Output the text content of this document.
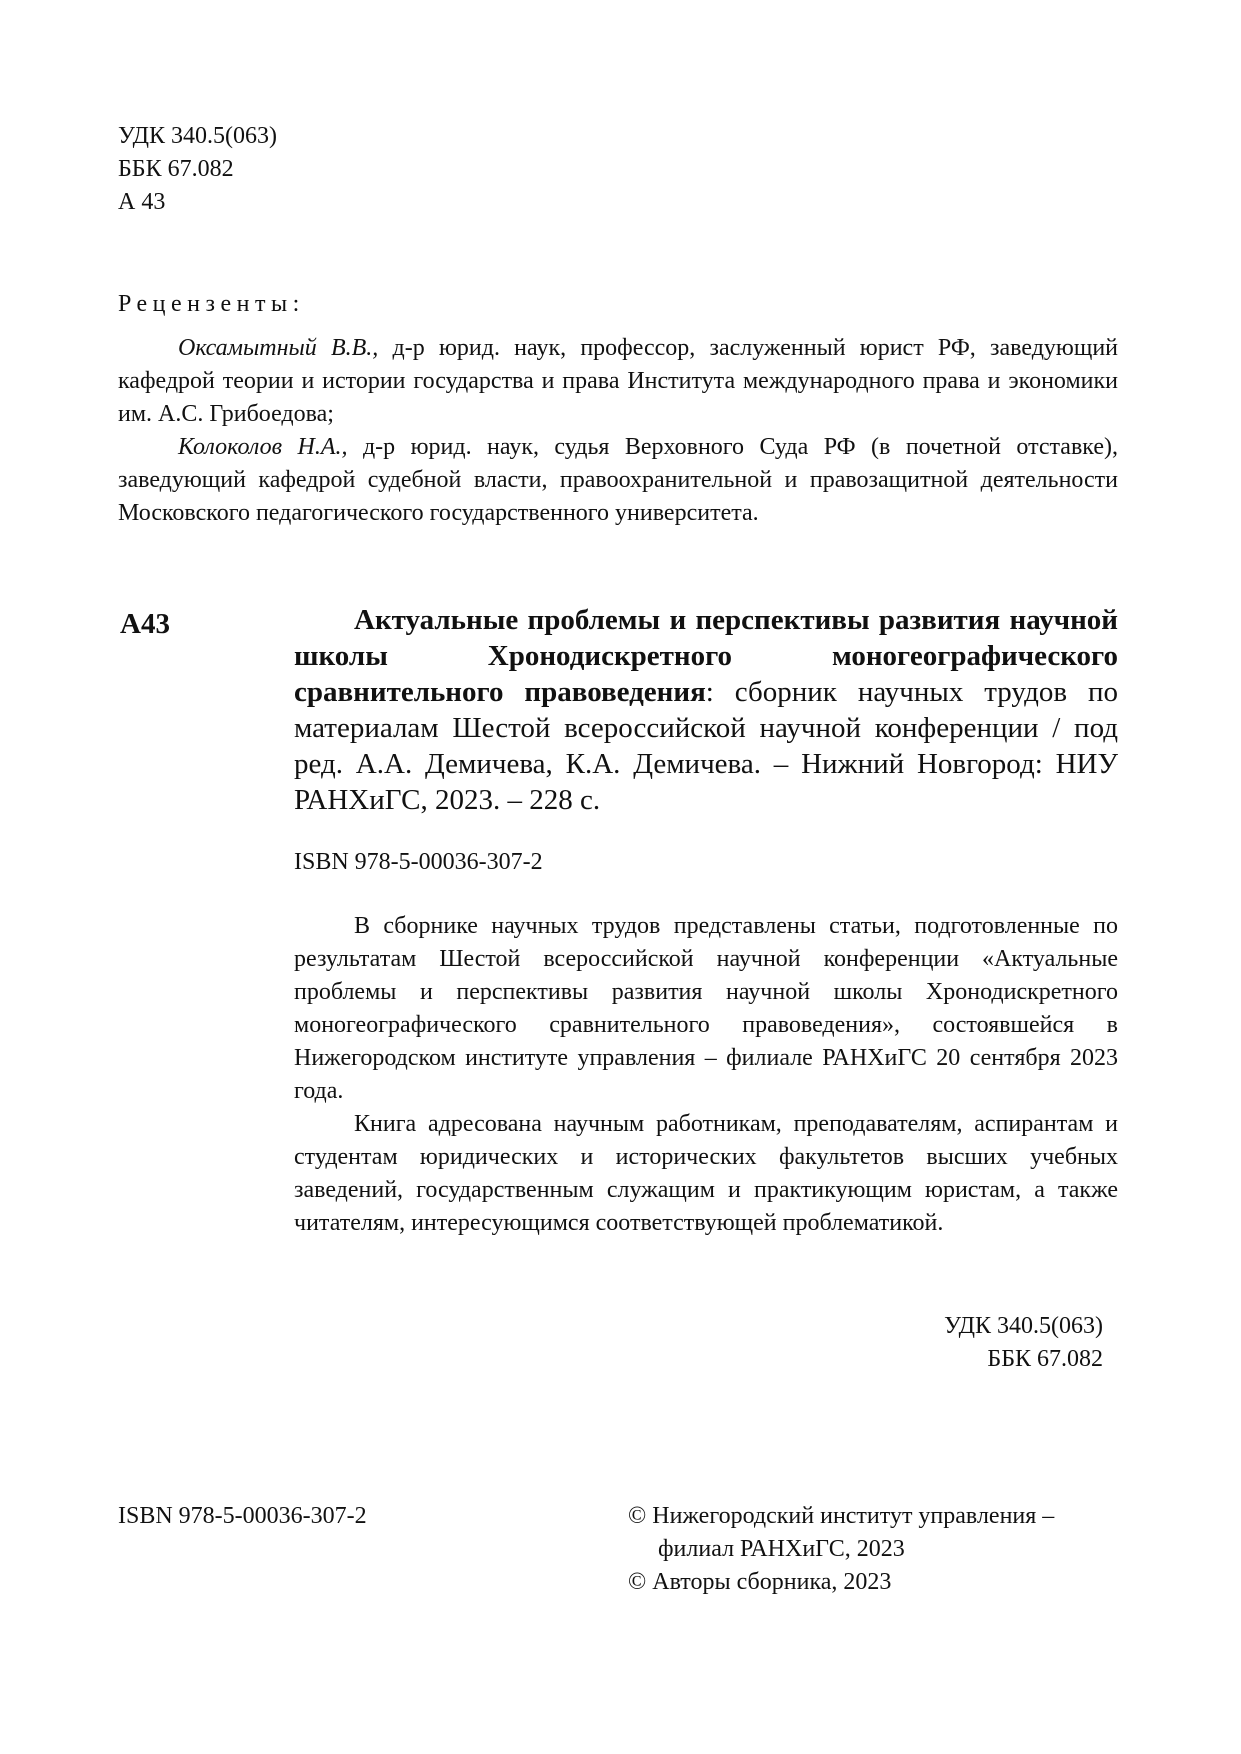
УДК 340.5(063)
ББК 67.082
А 43
Рецензенты:

Оксамытный В.В., д-р юрид. наук, профессор, заслуженный юрист РФ, заведующий кафедрой теории и истории государства и права Института международного права и экономики им. А.С. Грибоедова;

Колоколов Н.А., д-р юрид. наук, судья Верховного Суда РФ (в почетной отставке), заведующий кафедрой судебной власти, правоохранительной и правозащитной деятельности Московского педагогического государственного университета.

А43	Актуальные проблемы и перспективы развития научной школы Хронодискретного моногеографического сравнительного правоведения: сборник научных трудов по материалам Шестой всероссийской научной конференции / под ред. А.А. Демичева, К.А. Демичева. – Нижний Новгород: НИУ РАНХиГС, 2023. – 228 с.
ISBN 978-5-00036-307-2

В сборнике научных трудов представлены статьи, подготовленные по результатам Шестой всероссийской научной конференции «Актуальные проблемы и перспективы развития научной школы Хронодискретного моногеографического сравнительного правоведения», состоявшейся в Нижегородском институте управления – филиале РАНХиГС 20 сентября 2023 года.

Книга адресована научным работникам, преподавателям, аспирантам и студентам юридических и исторических факультетов высших учебных заведений, государственным служащим и практикующим юристам, а также читателям, интересующимся соответствующей проблематикой.

УДК 340.5(063)
ББК 67.082
ISBN 978-5-00036-307-2	© Нижегородский институт управления –
филиал РАНХиГС, 2023
© Авторы сборника, 2023
